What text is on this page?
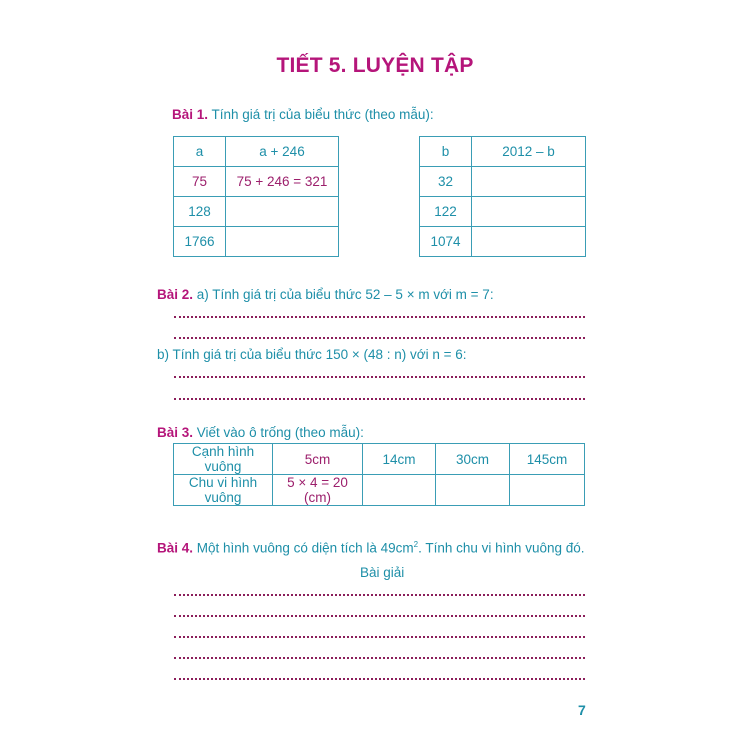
TIẾT 5. LUYỆN TẬP
Bài 1. Tính giá trị của biểu thức (theo mẫu):
a	a + 246
75	75 + 246 = 321
128	
1766	
b	2012 – b
32	
122	
1074	
Bài 2. a) Tính giá trị của biểu thức 52 – 5 × m với m = 7:
b) Tính giá trị của biểu thức 150 × (48 : n) với n = 6:
Bài 3. Viết vào ô trống (theo mẫu):
Cạnh hình vuông	5cm	14cm	30cm	145cm
Chu vi hình vuông	5 × 4 = 20 (cm)			
Bài 4. Một hình vuông có diện tích là $49cm^2$. Tính chu vi hình vuông đó.
Bài giải
7
